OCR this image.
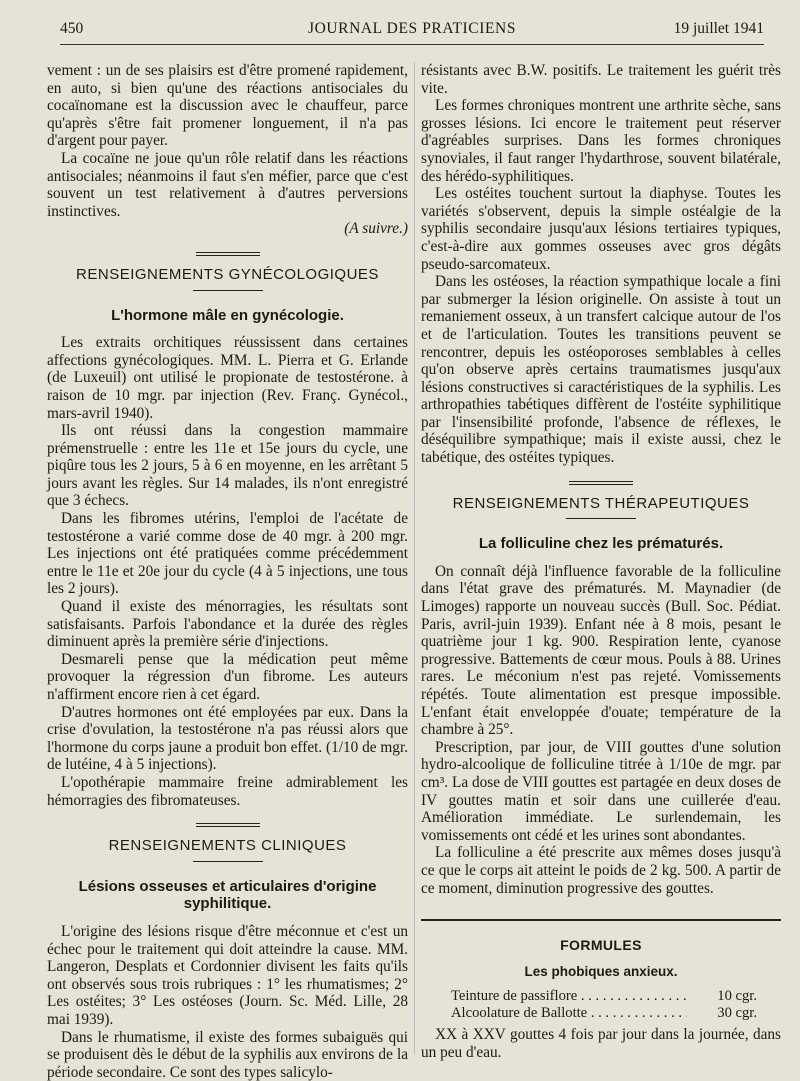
450	JOURNAL DES PRATICIENS	19 juillet 1941

vement : un de ses plaisirs est d'être promené rapidement, en auto, si bien qu'une des réactions antisociales du cocaïnomane est la discussion avec le chauffeur, parce qu'après s'être fait promener longuement, il n'a pas d'argent pour payer.

La cocaïne ne joue qu'un rôle relatif dans les réactions antisociales; néanmoins il faut s'en méfier, parce que c'est souvent un test relativement à d'autres perversions instinctives.

(A suivre.)

RENSEIGNEMENTS GYNÉCOLOGIQUES
L'hormone mâle en gynécologie.

Les extraits orchitiques réussissent dans certaines affections gynécologiques. MM. L. Pierra et G. Erlande (de Luxeuil) ont utilisé le propionate de testostérone. à raison de 10 mgr. par injection (Rev. Franç. Gynécol., mars-avril 1940).

Ils ont réussi dans la congestion mammaire prémenstruelle : entre les 11e et 15e jours du cycle, une piqûre tous les 2 jours, 5 à 6 en moyenne, en les arrêtant 5 jours avant les règles. Sur 14 malades, ils n'ont enregistré que 3 échecs.

Dans les fibromes utérins, l'emploi de l'acétate de testostérone a varié comme dose de 40 mgr. à 200 mgr. Les injections ont été pratiquées comme précédemment entre le 11e et 20e jour du cycle (4 à 5 injections, une tous les 2 jours).

Quand il existe des ménorragies, les résultats sont satisfaisants. Parfois l'abondance et la durée des règles diminuent après la première série d'injections.

Desmareli pense que la médication peut même provoquer la régression d'un fibrome. Les auteurs n'affirment encore rien à cet égard.

D'autres hormones ont été employées par eux. Dans la crise d'ovulation, la testostérone n'a pas réussi alors que l'hormone du corps jaune a produit bon effet. (1/10 de mgr. de lutéine, 4 à 5 injections).

L'opothérapie mammaire freine admirablement les hémorragies des fibromateuses.

RENSEIGNEMENTS CLINIQUES
Lésions osseuses et articulaires d'origine syphilitique.

L'origine des lésions risque d'être méconnue et c'est un échec pour le traitement qui doit atteindre la cause. MM. Langeron, Desplats et Cordonnier divisent les faits qu'ils ont observés sous trois rubriques : 1° les rhumatismes; 2° Les ostéites; 3° Les ostéoses (Journ. Sc. Méd. Lille, 28 mai 1939).

Dans le rhumatisme, il existe des formes subaiguës qui se produisent dès le début de la syphilis aux environs de la période secondaire. Ce sont des types salicylo-

résistants avec B.W. positifs. Le traitement les guérit très vite.

Les formes chroniques montrent une arthrite sèche, sans grosses lésions. Ici encore le traitement peut réserver d'agréables surprises. Dans les formes chroniques synoviales, il faut ranger l'hydarthrose, souvent bilatérale, des hérédo-syphilitiques.

Les ostéites touchent surtout la diaphyse. Toutes les variétés s'observent, depuis la simple ostéalgie de la syphilis secondaire jusqu'aux lésions tertiaires typiques, c'est-à-dire aux gommes osseuses avec gros dégâts pseudo-sarcomateux.

Dans les ostéoses, la réaction sympathique locale a fini par submerger la lésion originelle. On assiste à tout un remaniement osseux, à un transfert calcique autour de l'os et de l'articulation. Toutes les transitions peuvent se rencontrer, depuis les ostéoporoses semblables à celles qu'on observe après certains traumatismes jusqu'aux lésions constructives si caractéristiques de la syphilis. Les arthropathies tabétiques diffèrent de l'ostéite syphilitique par l'insensibilité profonde, l'absence de réflexes, le déséquilibre sympathique; mais il existe aussi, chez le tabétique, des ostéites typiques.

RENSEIGNEMENTS THÉRAPEUTIQUES
La folliculine chez les prématurés.

On connaît déjà l'influence favorable de la folliculine dans l'état grave des prématurés. M. Maynadier (de Limoges) rapporte un nouveau succès (Bull. Soc. Pédiat. Paris, avril-juin 1939). Enfant née à 8 mois, pesant le quatrième jour 1 kg. 900. Respiration lente, cyanose progressive. Battements de cœur mous. Pouls à 88. Urines rares. Le méconium n'est pas rejeté. Vomissements répétés. Toute alimentation est presque impossible. L'enfant était enveloppée d'ouate; température de la chambre à 25°.

Prescription, par jour, de VIII gouttes d'une solution hydro-alcoolique de folliculine titrée à 1/10e de mgr. par cm³. La dose de VIII gouttes est partagée en deux doses de IV gouttes matin et soir dans une cuillerée d'eau. Amélioration immédiate. Le surlendemain, les vomissements ont cédé et les urines sont abondantes.

La folliculine a été prescrite aux mêmes doses jusqu'à ce que le corps ait atteint le poids de 2 kg. 500. A partir de ce moment, diminution progressive des gouttes.

FORMULES
Les phobiques anxieux.
Teinture de passiflore . . .	10 cgr.
Alcoolature de Ballotte . . .	30 cgr.

XX à XXV gouttes 4 fois par jour dans la journée, dans un peu d'eau.
